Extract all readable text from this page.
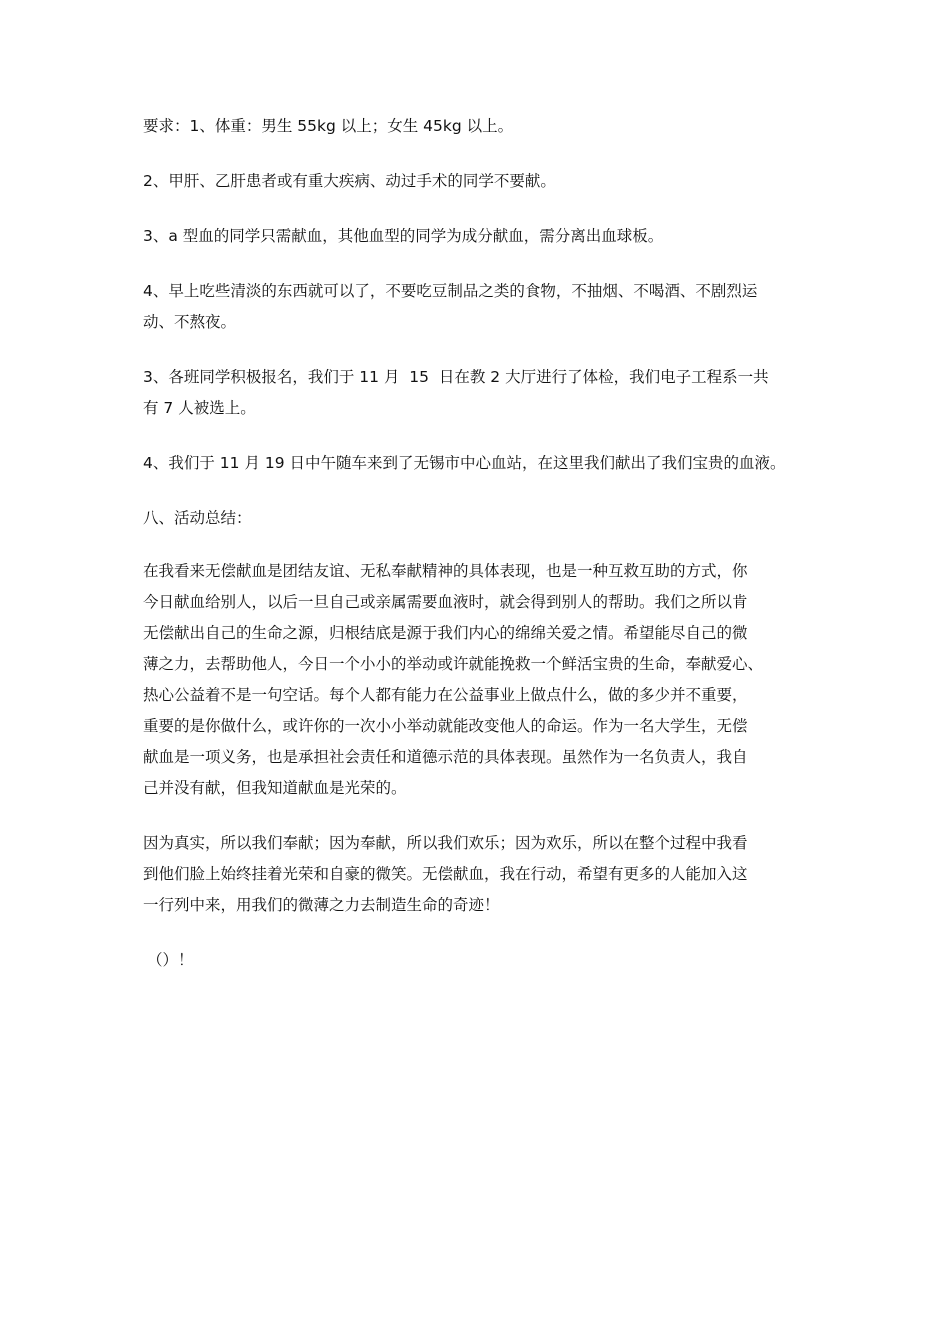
要求：1、体重：男生 55kg 以上；女生 45kg 以上。

2、甲肝、乙肝患者或有重大疾病、动过手术的同学不要献。

3、a 型血的同学只需献血，其他血型的同学为成分献血，需分离出血球板。

4、早上吃些清淡的东西就可以了，不要吃豆制品之类的食物，不抽烟、不喝酒、不剧烈运
动、不熬夜。

3、各班同学积极报名，我们于 11 月  15  日在教 2 大厅进行了体检，我们电子工程系一共
有 7 人被选上。

4、我们于 11 月 19 日中午随车来到了无锡市中心血站，在这里我们献出了我们宝贵的血液。

八、活动总结：

在我看来无偿献血是团结友谊、无私奉献精神的具体表现，也是一种互救互助的方式，你
今日献血给别人，以后一旦自己或亲属需要血液时，就会得到别人的帮助。我们之所以肯
无偿献出自己的生命之源，归根结底是源于我们内心的绵绵关爱之情。希望能尽自己的微
薄之力，去帮助他人，今日一个小小的举动或许就能挽救一个鲜活宝贵的生命，奉献爱心、
热心公益着不是一句空话。每个人都有能力在公益事业上做点什么，做的多少并不重要，
重要的是你做什么，或许你的一次小小举动就能改变他人的命运。作为一名大学生，无偿
献血是一项义务，也是承担社会责任和道德示范的具体表现。虽然作为一名负责人，我自
己并没有献，但我知道献血是光荣的。

因为真实，所以我们奉献；因为奉献，所以我们欢乐；因为欢乐，所以在整个过程中我看
到他们脸上始终挂着光荣和自豪的微笑。无偿献血，我在行动，希望有更多的人能加入这
一行列中来，用我们的微薄之力去制造生命的奇迹！

（）！
